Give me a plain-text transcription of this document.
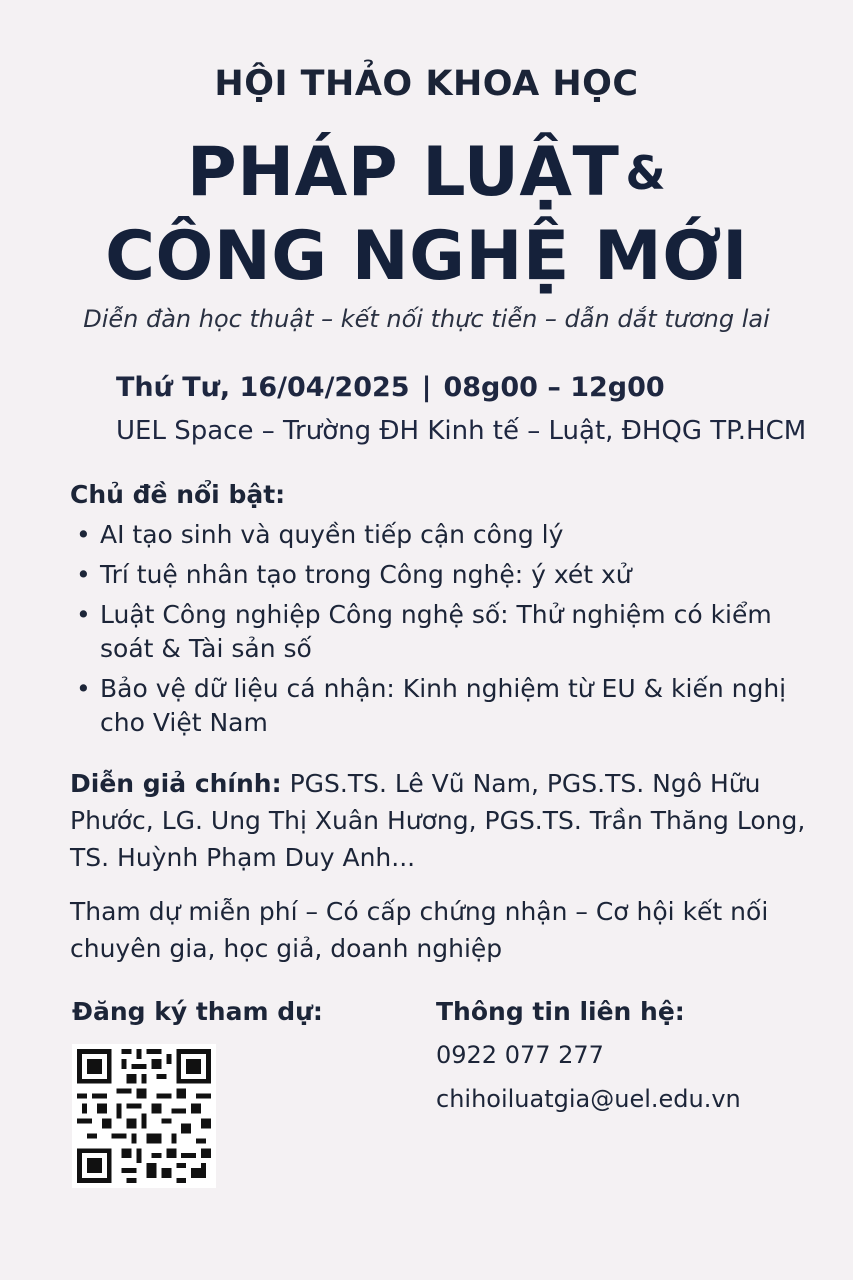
HỘI THẢO KHOA HỌC
PHÁP LUẬT &
CÔNG NGHỆ MỚI
Diễn đàn học thuật – kết nối thực tiễn – dẫn dắt tương lai
Thứ Tư, 16/04/2025 | 08g00 – 12g00
UEL Space – Trường ĐH Kinh tế – Luật, ĐHQG TP.HCM
Chủ đề nổi bật:
• AI tạo sinh và quyền tiếp cận công lý
• Trí tuệ nhân tạo trong Công nghệ: ý xét xử
• Luật Công nghiệp Công nghệ số: Thử nghiệm có kiểm soát & Tài sản số
• Bảo vệ dữ liệu cá nhận: Kinh nghiệm từ EU & kiến nghị cho Việt Nam
Diễn giả chính: PGS.TS. Lê Vũ Nam, PGS.TS. Ngô Hữu Phước, LG. Ung Thị Xuân Hương, PGS.TS. Trần Thăng Long, TS. Huỳnh Phạm Duy Anh...
Tham dự miễn phí – Có cấp chứng nhận – Cơ hội kết nối chuyên gia, học giả, doanh nghiệp
Đăng ký tham dự:	Thông tin liên hệ:
0922 077 277
chihoiluatgia@uel.edu.vn
